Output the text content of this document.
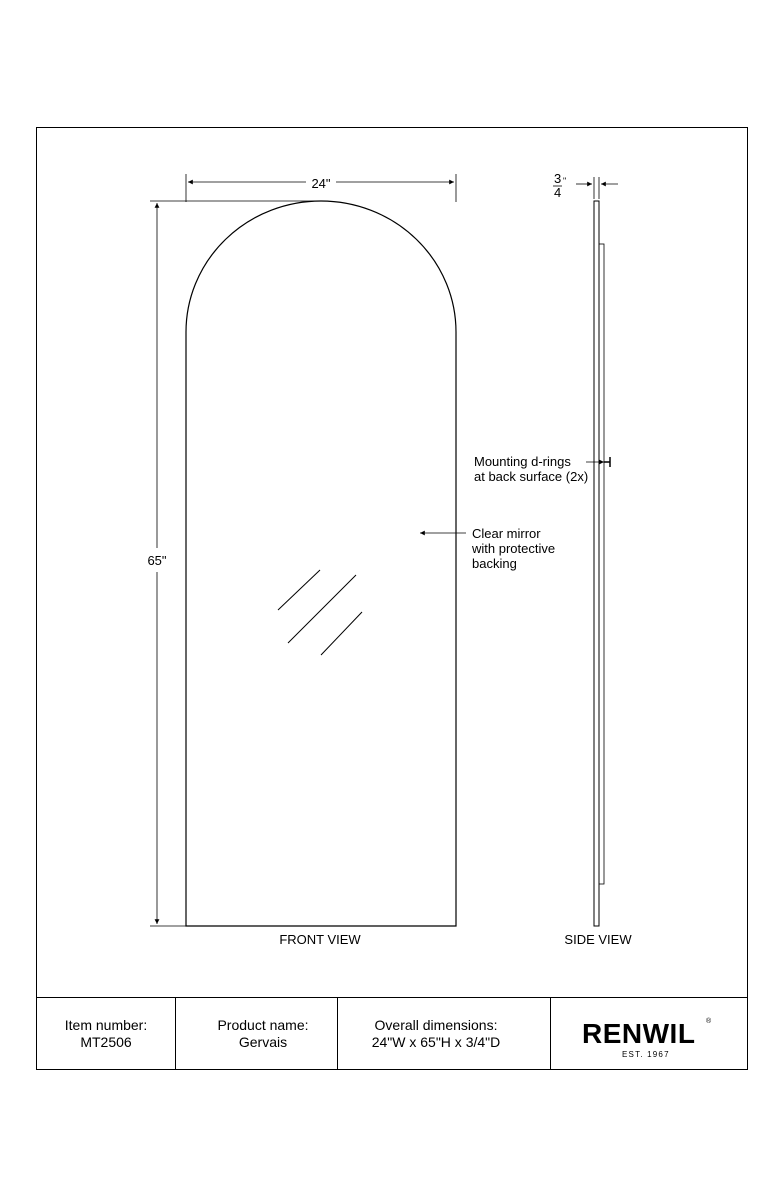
24"
65"
Clear mirror
with protective
backing
FRONT VIEW
3
4
"
Mounting d-rings
at back surface (2x)
SIDE VIEW
Item number:
MT2506
Product name:
Gervais
Overall dimensions:
24"W x 65"H x 3/4"D	RENWIL ®
EST. 1967
